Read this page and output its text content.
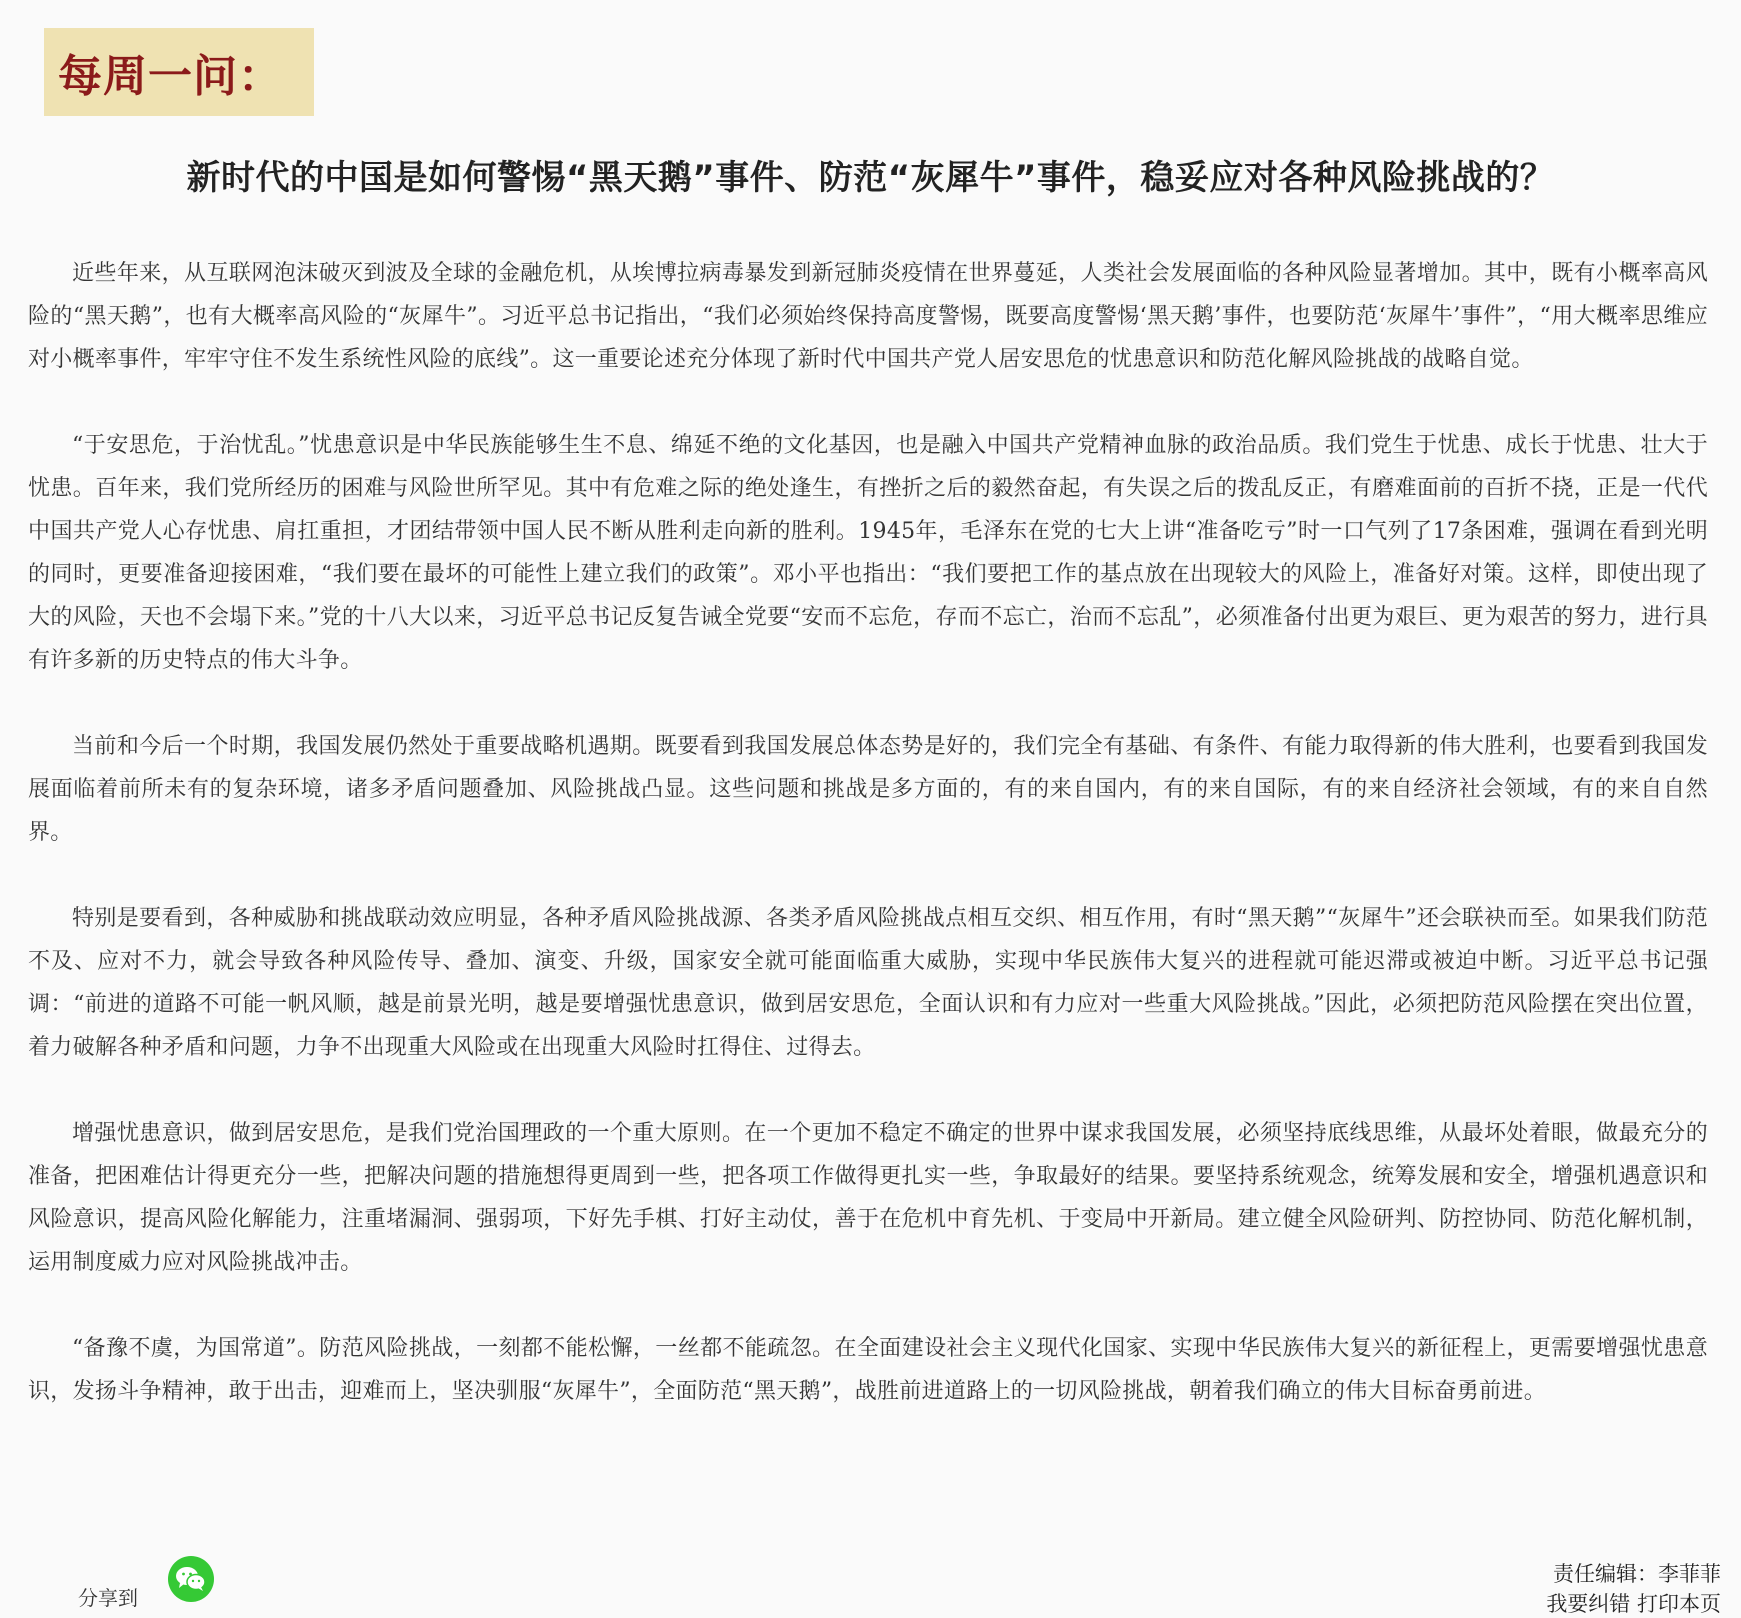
每周一问：
新时代的中国是如何警惕“黑天鹅”事件、防范“灰犀牛”事件，稳妥应对各种风险挑战的？

近些年来，从互联网泡沫破灭到波及全球的金融危机，从埃博拉病毒暴发到新冠肺炎疫情在世界蔓延，人类社会发展面临的各种风险显著增加。其中，既有小概率高风险的“黑天鹅”，也有大概率高风险的“灰犀牛”。习近平总书记指出，“我们必须始终保持高度警惕，既要高度警惕‘黑天鹅’事件，也要防范‘灰犀牛’事件”，“用大概率思维应对小概率事件，牢牢守住不发生系统性风险的底线”。这一重要论述充分体现了新时代中国共产党人居安思危的忧患意识和防范化解风险挑战的战略自觉。

“于安思危，于治忧乱。”忧患意识是中华民族能够生生不息、绵延不绝的文化基因，也是融入中国共产党精神血脉的政治品质。我们党生于忧患、成长于忧患、壮大于忧患。百年来，我们党所经历的困难与风险世所罕见。其中有危难之际的绝处逢生，有挫折之后的毅然奋起，有失误之后的拨乱反正，有磨难面前的百折不挠，正是一代代中国共产党人心存忧患、肩扛重担，才团结带领中国人民不断从胜利走向新的胜利。1945年，毛泽东在党的七大上讲“准备吃亏”时一口气列了17条困难，强调在看到光明的同时，更要准备迎接困难，“我们要在最坏的可能性上建立我们的政策”。邓小平也指出：“我们要把工作的基点放在出现较大的风险上，准备好对策。这样，即使出现了大的风险，天也不会塌下来。”党的十八大以来，习近平总书记反复告诫全党要“安而不忘危，存而不忘亡，治而不忘乱”，必须准备付出更为艰巨、更为艰苦的努力，进行具有许多新的历史特点的伟大斗争。

当前和今后一个时期，我国发展仍然处于重要战略机遇期。既要看到我国发展总体态势是好的，我们完全有基础、有条件、有能力取得新的伟大胜利，也要看到我国发展面临着前所未有的复杂环境，诸多矛盾问题叠加、风险挑战凸显。这些问题和挑战是多方面的，有的来自国内，有的来自国际，有的来自经济社会领域，有的来自自然界。

特别是要看到，各种威胁和挑战联动效应明显，各种矛盾风险挑战源、各类矛盾风险挑战点相互交织、相互作用，有时“黑天鹅”“灰犀牛”还会联袂而至。如果我们防范不及、应对不力，就会导致各种风险传导、叠加、演变、升级，国家安全就可能面临重大威胁，实现中华民族伟大复兴的进程就可能迟滞或被迫中断。习近平总书记强调：“前进的道路不可能一帆风顺，越是前景光明，越是要增强忧患意识，做到居安思危，全面认识和有力应对一些重大风险挑战。”因此，必须把防范风险摆在突出位置，着力破解各种矛盾和问题，力争不出现重大风险或在出现重大风险时扛得住、过得去。

增强忧患意识，做到居安思危，是我们党治国理政的一个重大原则。在一个更加不稳定不确定的世界中谋求我国发展，必须坚持底线思维，从最坏处着眼，做最充分的准备，把困难估计得更充分一些，把解决问题的措施想得更周到一些，把各项工作做得更扎实一些，争取最好的结果。要坚持系统观念，统筹发展和安全，增强机遇意识和风险意识，提高风险化解能力，注重堵漏洞、强弱项，下好先手棋、打好主动仗，善于在危机中育先机、于变局中开新局。建立健全风险研判、防控协同、防范化解机制，运用制度威力应对风险挑战冲击。

“备豫不虞，为国常道”。防范风险挑战，一刻都不能松懈，一丝都不能疏忽。在全面建设社会主义现代化国家、实现中华民族伟大复兴的新征程上，更需要增强忧患意识，发扬斗争精神，敢于出击，迎难而上，坚决驯服“灰犀牛”，全面防范“黑天鹅”，战胜前进道路上的一切风险挑战，朝着我们确立的伟大目标奋勇前进。

分享到
责任编辑：李菲菲
我要纠错 打印本页
